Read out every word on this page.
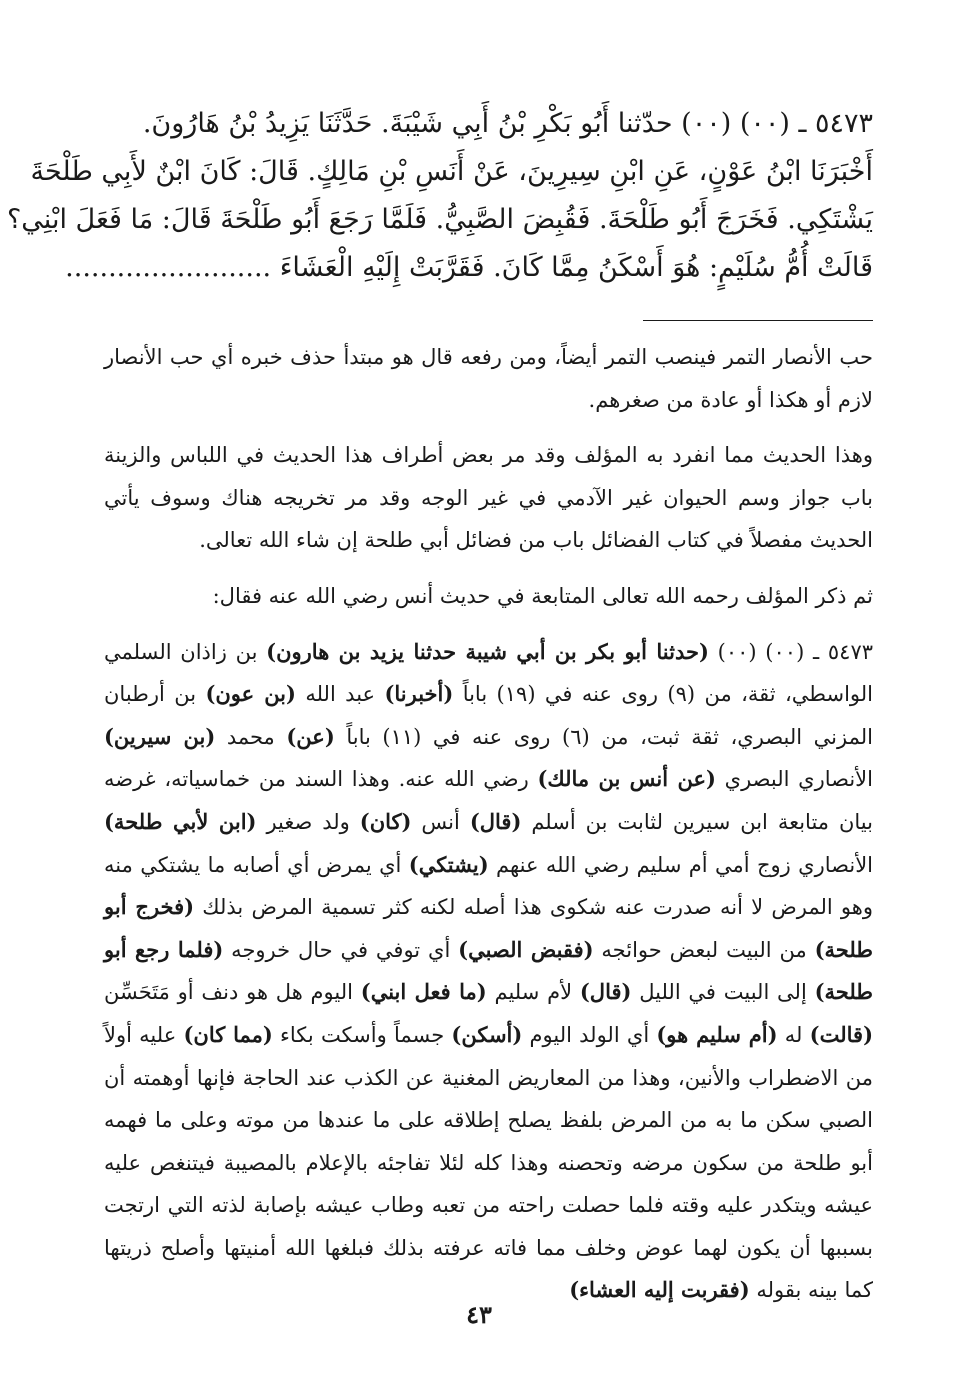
٥٤٧٣ ـ (٠٠) (٠٠) حدّثنا أَبُو بَكْرِ بْنُ أَبِي شَيْبَةَ. حَدَّثَنَا يَزِيدُ بْنُ هَارُونَ.
أَخْبَرَنَا ابْنُ عَوْنٍ، عَنِ ابْنِ سِيرِينَ، عَنْ أَنَسِ بْنِ مَالِكٍ. قَالَ: كَانَ ابْنٌ لأَبِي طَلْحَةَ
يَشْتَكِي. فَخَرَجَ أَبُو طَلْحَةَ. فَقُبِضَ الصَّبِيُّ. فَلَمَّا رَجَعَ أَبُو طَلْحَةَ قَالَ: مَا فَعَلَ ابْنِي؟
قَالَتْ أُمُّ سُلَيْمٍ: هُوَ أَسْكَنُ مِمَّا كَانَ. فَقَرَّبَتْ إِلَيْهِ الْعَشَاءَ ........................

حب الأنصار التمر فينصب التمر أيضاً، ومن رفعه قال هو مبتدأ حذف خبره أي حب الأنصار لازم أو هكذا أو عادة من صغرهم.

وهذا الحديث مما انفرد به المؤلف وقد مر بعض أطراف هذا الحديث في اللباس والزينة باب جواز وسم الحيوان غير الآدمي في غير الوجه وقد مر تخريجه هناك وسوف يأتي الحديث مفصلاً في كتاب الفضائل باب من فضائل أبي طلحة إن شاء الله تعالى.

ثم ذكر المؤلف رحمه الله تعالى المتابعة في حديث أنس رضي الله عنه فقال:

٥٤٧٣ ـ (٠٠) (٠٠) (حدثنا أبو بكر بن أبي شيبة حدثنا يزيد بن هارون) بن زاذان السلمي الواسطي، ثقة، من (٩) روى عنه في (١٩) باباً (أخبرنا) عبد الله (بن عون) بن أرطبان المزني البصري، ثقة ثبت، من (٦) روى عنه في (١١) باباً (عن) محمد (بن سيرين) الأنصاري البصري (عن أنس بن مالك) رضي الله عنه. وهذا السند من خماسياته، غرضه بيان متابعة ابن سيرين لثابت بن أسلم (قال) أنس (كان) ولد صغير (ابن لأبي طلحة) الأنصاري زوج أمي أم سليم رضي الله عنهم (يشتكي) أي يمرض أي أصابه ما يشتكي منه وهو المرض لا أنه صدرت عنه شكوى هذا أصله لكنه كثر تسمية المرض بذلك (فخرج أبو طلحة) من البيت لبعض حوائجه (فقبض الصبي) أي توفي في حال خروجه (فلما رجع أبو طلحة) إلى البيت في الليل (قال) لأم سليم (ما فعل ابني) اليوم هل هو دنف أو مَتَحَسِّن (قالت) له (أم سليم هو) أي الولد اليوم (أسكن) جسماً وأسكت بكاء (مما كان) عليه أولاً من الاضطراب والأنين، وهذا من المعاريض المغنية عن الكذب عند الحاجة فإنها أوهمته أن الصبي سكن ما به من المرض بلفظ يصلح إطلاقه على ما عندها من موته وعلى ما فهمه أبو طلحة من سكون مرضه وتحصنه وهذا كله لئلا تفاجئه بالإعلام بالمصيبة فيتنغص عليه عيشه ويتكدر عليه وقته فلما حصلت راحته من تعبه وطاب عيشه بإصابة لذته التي ارتجت بسببها أن يكون لهما عوض وخلف مما فاته عرفته بذلك فبلغها الله أمنيتها وأصلح ذريتها كما بينه بقوله (فقربت إليه العشاء)

٤٣
